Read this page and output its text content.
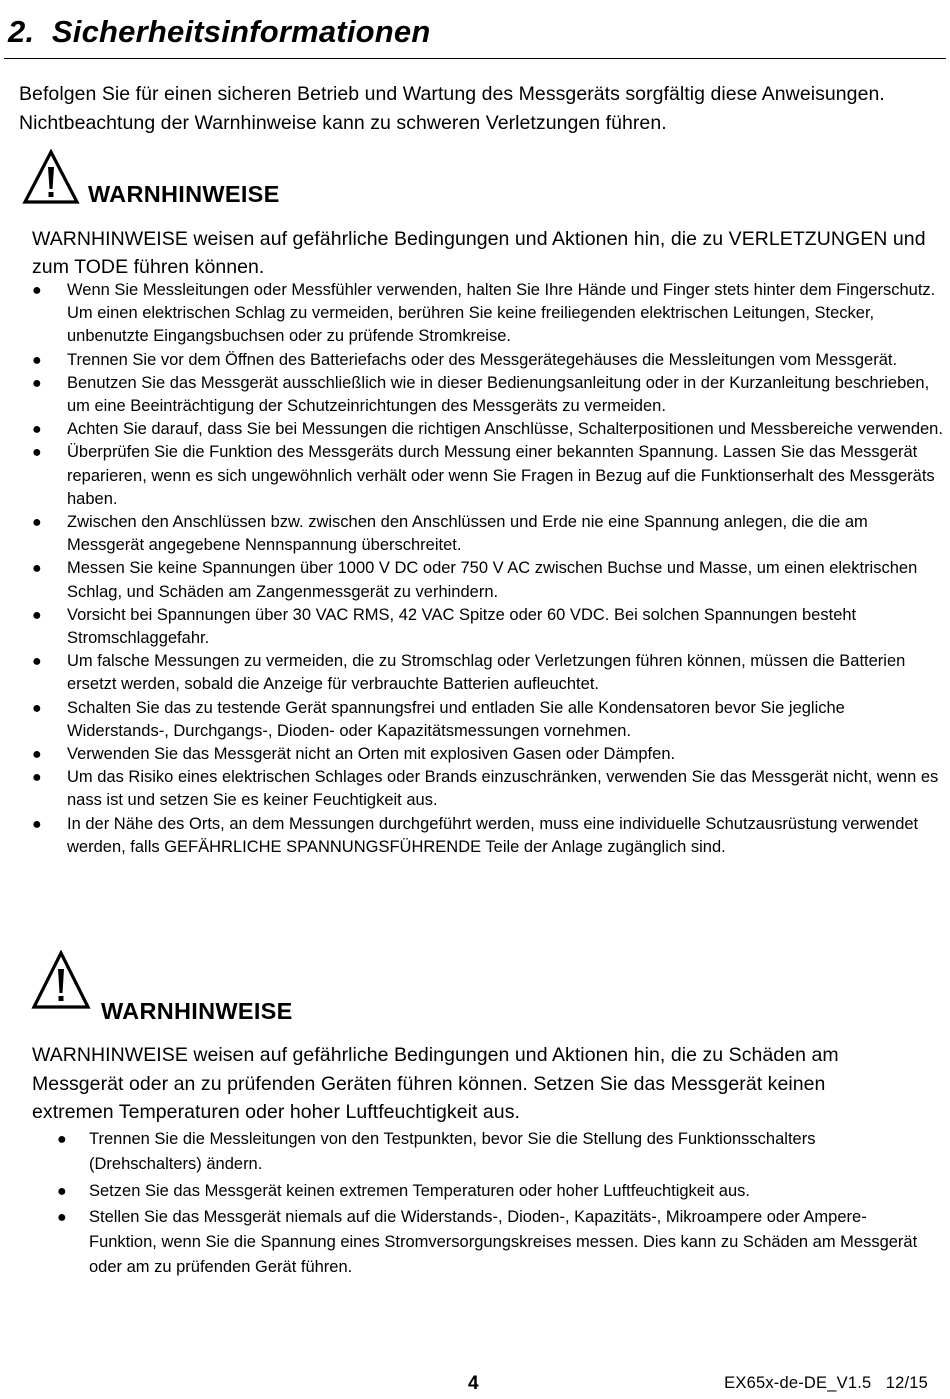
2. Sicherheitsinformationen

Befolgen Sie für einen sicheren Betrieb und Wartung des Messgeräts sorgfältig diese Anweisungen. Nichtbeachtung der Warnhinweise kann zu schweren Verletzungen führen.

WARNHINWEISE

WARNHINWEISE weisen auf gefährliche Bedingungen und Aktionen hin, die zu VERLETZUNGEN und zum TODE führen können.

● Wenn Sie Messleitungen oder Messfühler verwenden, halten Sie Ihre Hände und Finger stets hinter dem Fingerschutz. Um einen elektrischen Schlag zu vermeiden, berühren Sie keine freiliegenden elektrischen Leitungen, Stecker, unbenutzte Eingangsbuchsen oder zu prüfende Stromkreise.
● Trennen Sie vor dem Öffnen des Batteriefachs oder des Messgerätegehäuses die Messleitungen vom Messgerät.
● Benutzen Sie das Messgerät ausschließlich wie in dieser Bedienungsanleitung oder in der Kurzanleitung beschrieben, um eine Beeinträchtigung der Schutzeinrichtungen des Messgeräts zu vermeiden.
● Achten Sie darauf, dass Sie bei Messungen die richtigen Anschlüsse, Schalterpositionen und Messbereiche verwenden.
● Überprüfen Sie die Funktion des Messgeräts durch Messung einer bekannten Spannung. Lassen Sie das Messgerät reparieren, wenn es sich ungewöhnlich verhält oder wenn Sie Fragen in Bezug auf die Funktionserhalt des Messgeräts haben.
● Zwischen den Anschlüssen bzw. zwischen den Anschlüssen und Erde nie eine Spannung anlegen, die die am Messgerät angegebene Nennspannung überschreitet.
● Messen Sie keine Spannungen über 1000 V DC oder 750 V AC zwischen Buchse und Masse, um einen elektrischen Schlag, und Schäden am Zangenmessgerät zu verhindern.
● Vorsicht bei Spannungen über 30 VAC RMS, 42 VAC Spitze oder 60 VDC. Bei solchen Spannungen besteht Stromschlaggefahr.
● Um falsche Messungen zu vermeiden, die zu Stromschlag oder Verletzungen führen können, müssen die Batterien ersetzt werden, sobald die Anzeige für verbrauchte Batterien aufleuchtet.
● Schalten Sie das zu testende Gerät spannungsfrei und entladen Sie alle Kondensatoren bevor Sie jegliche Widerstands-, Durchgangs-, Dioden- oder Kapazitätsmessungen vornehmen.
● Verwenden Sie das Messgerät nicht an Orten mit explosiven Gasen oder Dämpfen.
● Um das Risiko eines elektrischen Schlages oder Brands einzuschränken, verwenden Sie das Messgerät nicht, wenn es nass ist und setzen Sie es keiner Feuchtigkeit aus.
● In der Nähe des Orts, an dem Messungen durchgeführt werden, muss eine individuelle Schutzausrüstung verwendet werden, falls GEFÄHRLICHE SPANNUNGSFÜHRENDE Teile der Anlage zugänglich sind.
WARNHINWEISE

WARNHINWEISE weisen auf gefährliche Bedingungen und Aktionen hin, die zu Schäden am Messgerät oder an zu prüfenden Geräten führen können. Setzen Sie das Messgerät keinen extremen Temperaturen oder hoher Luftfeuchtigkeit aus.

● Trennen Sie die Messleitungen von den Testpunkten, bevor Sie die Stellung des Funktionsschalters (Drehschalters) ändern.
● Setzen Sie das Messgerät keinen extremen Temperaturen oder hoher Luftfeuchtigkeit aus.
● Stellen Sie das Messgerät niemals auf die Widerstands-, Dioden-, Kapazitäts-, Mikroampere oder Ampere-Funktion, wenn Sie die Spannung eines Stromversorgungskreises messen. Dies kann zu Schäden am Messgerät oder am zu prüfenden Gerät führen.

4	EX65x-de-DE_V1.5   12/15
